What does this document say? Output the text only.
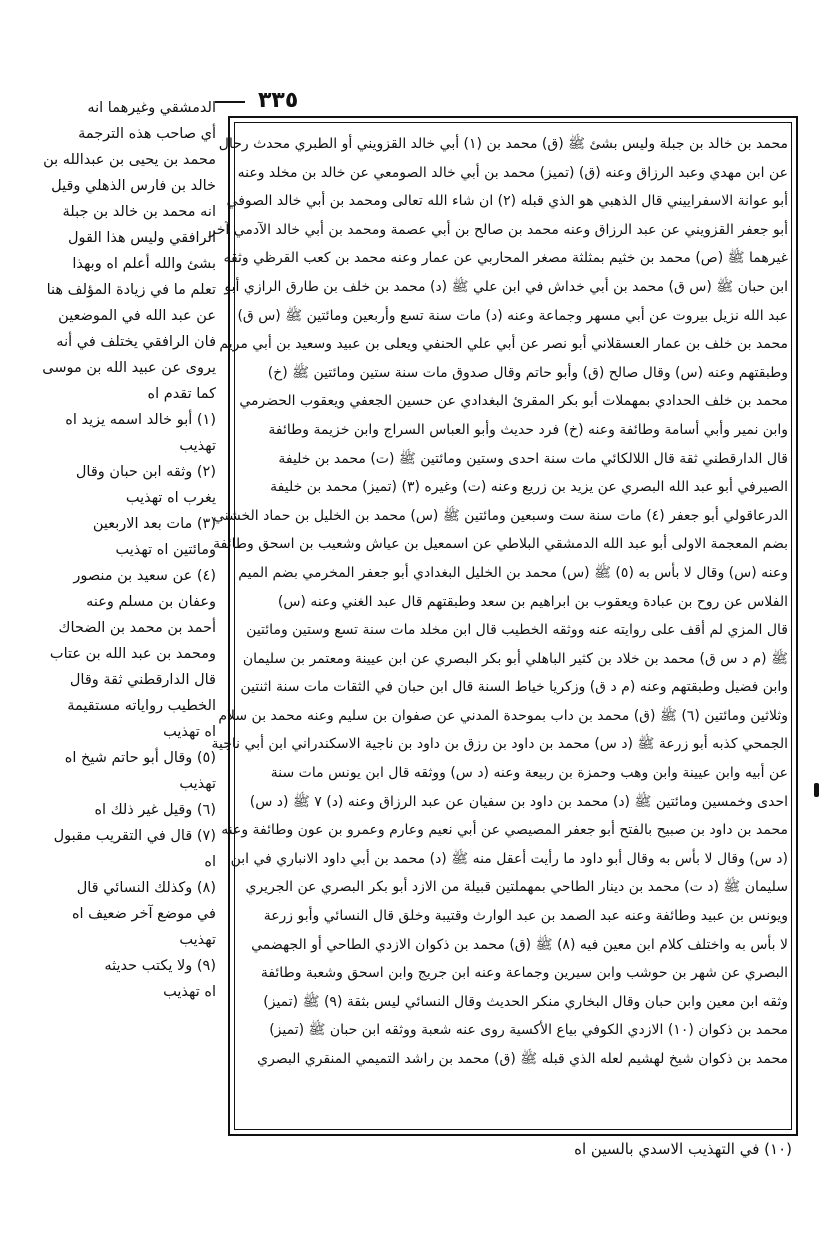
٣٣٥
الدمشقي وغيرهما انه
أي صاحب هذه الترجمة
محمد بن يحيى بن عبدالله بن
خالد بن فارس الذهلي وقيل
انه محمد بن خالد بن جبلة
الرافقي وليس هذا القول
بشئ والله أعلم اه وبهذا
تعلم ما في زيادة المؤلف هنا
عن عبد الله في الموضعين
فان الرافقي يختلف في أنه
يروى عن عبيد الله بن موسى
كما تقدم اه
(١) أبو خالد اسمه يزيد اه
تهذيب
(٢) وثقه ابن حبان وقال
يغرب اه تهذيب
(٣) مات بعد الاربعين
ومائتين اه تهذيب
(٤) عن سعيد بن منصور
وعفان بن مسلم وعنه
أحمد بن محمد بن الضحاك
ومحمد بن عبد الله بن عتاب
قال الدارقطني ثقة وقال
الخطيب رواياته مستقيمة
اه تهذيب
(٥) وقال أبو حاتم شيخ اه
تهذيب
(٦) وقيل غير ذلك اه
(٧) قال في التقريب مقبول
اه
(٨) وكذلك النسائي قال
في موضع آخر ضعيف اه
تهذيب
(٩) ولا يكتب حديثه
اه تهذيب
محمد بن خالد بن جبلة وليس بشئ ﷺ (ق) محمد بن (١) أبي خالد القزويني أو الطبري محدث رحال
عن ابن مهدي وعبد الرزاق وعنه (ق) (تميز) محمد بن أبي خالد الصومعي عن خالد بن مخلد وعنه
أبو عوانة الاسفراييني قال الذهبي هو الذي قبله (٢) ان شاء الله تعالى ومحمد بن أبي خالد الصوفي
أبو جعفر القزويني عن عبد الرزاق وعنه محمد بن صالح بن أبي عصمة ومحمد بن أبي خالد الآدمي آخر
غيرهما ﷺ (ص) محمد بن خثيم بمثلثة مصغر المحاربي عن عمار وعنه محمد بن كعب القرظي وثقه
ابن حبان ﷺ (س ق) محمد بن أبي خداش في ابن علي ﷺ (د) محمد بن خلف بن طارق الرازي أبو
عبد الله نزيل بيروت عن أبي مسهر وجماعة وعنه (د) مات سنة تسع وأربعين ومائتين ﷺ (س ق)
محمد بن خلف بن عمار العسقلاني أبو نصر عن أبي علي الحنفي ويعلى بن عبيد وسعيد بن أبي مريم
وطبقتهم وعنه (س) وقال صالح (ق) وأبو حاتم وقال صدوق مات سنة ستين ومائتين ﷺ (خ)
محمد بن خلف الحدادي بمهملات أبو بكر المقرئ البغدادي عن حسين الجعفي ويعقوب الحضرمي
وابن نمير وأبي أسامة وطائفة وعنه (خ) فرد حديث وأبو العباس السراج وابن خزيمة وطائفة
قال الدارقطني ثقة قال اللالكائي مات سنة احدى وستين ومائتين ﷺ (ت) محمد بن خليفة
الصيرفي أبو عبد الله البصري عن يزيد بن زريع وعنه (ت) وغيره (٣) (تميز) محمد بن خليفة
الدرعاقولي أبو جعفر (٤) مات سنة ست وسبعين ومائتين ﷺ (س) محمد بن الخليل بن حماد الخشني
بضم المعجمة الاولى أبو عبد الله الدمشقي البلاطي عن اسمعيل بن عياش وشعيب بن اسحق وطائفة
وعنه (س) وقال لا بأس به (٥) ﷺ (س) محمد بن الخليل البغدادي أبو جعفر المخرمي بضم الميم
الفلاس عن روح بن عبادة ويعقوب بن ابراهيم بن سعد وطبقتهم قال عبد الغني وعنه (س)
قال المزي لم أقف على روايته عنه ووثقه الخطيب قال ابن مخلد مات سنة تسع وستين ومائتين
ﷺ (م د س ق) محمد بن خلاد بن كثير الباهلي أبو بكر البصري عن ابن عيينة ومعتمر بن سليمان
وابن فضيل وطبقتهم وعنه (م د ق) وزكريا خياط السنة قال ابن حبان في الثقات مات سنة اثنتين
وثلاثين ومائتين (٦) ﷺ (ق) محمد بن داب بموحدة المدني عن صفوان بن سليم وعنه محمد بن سلام
الجمحي كذبه أبو زرعة ﷺ (د س) محمد بن داود بن رزق بن داود بن ناجية الاسكندراني ابن أبي ناجية
عن أبيه وابن عيينة وابن وهب وحمزة بن ربيعة وعنه (د س) ووثقه قال ابن يونس مات سنة
احدى وخمسين ومائتين ﷺ (د) محمد بن داود بن سفيان عن عبد الرزاق وعنه (د) ٧ ﷺ (د س)
محمد بن داود بن صبيح بالفتح أبو جعفر المصيصي عن أبي نعيم وعارم وعمرو بن عون وطائفة وعنه
(د س) وقال لا بأس به وقال أبو داود ما رأيت أعقل منه ﷺ (د) محمد بن أبي داود الانباري في ابن
سليمان ﷺ (د ت) محمد بن دينار الطاحي بمهملتين قبيلة من الازد أبو بكر البصري عن الجريري
ويونس بن عبيد وطائفة وعنه عبد الصمد بن عبد الوارث وقتيبة وخلق قال النسائي وأبو زرعة
لا بأس به واختلف كلام ابن معين فيه (٨) ﷺ (ق) محمد بن ذكوان الازدي الطاحي أو الجهضمي
البصري عن شهر بن حوشب وابن سيرين وجماعة وعنه ابن جريج وابن اسحق وشعبة وطائفة
وثقه ابن معين وابن حبان وقال البخاري منكر الحديث وقال النسائي ليس بثقة (٩) ﷺ (تميز)
محمد بن ذكوان (١٠) الازدي الكوفي بياع الأكسية روى عنه شعبة ووثقه ابن حبان ﷺ (تميز)
محمد بن ذكوان شيخ لهشيم لعله الذي قبله ﷺ (ق) محمد بن راشد التميمي المنقري البصري
(١٠) في التهذيب الاسدي بالسين اه
